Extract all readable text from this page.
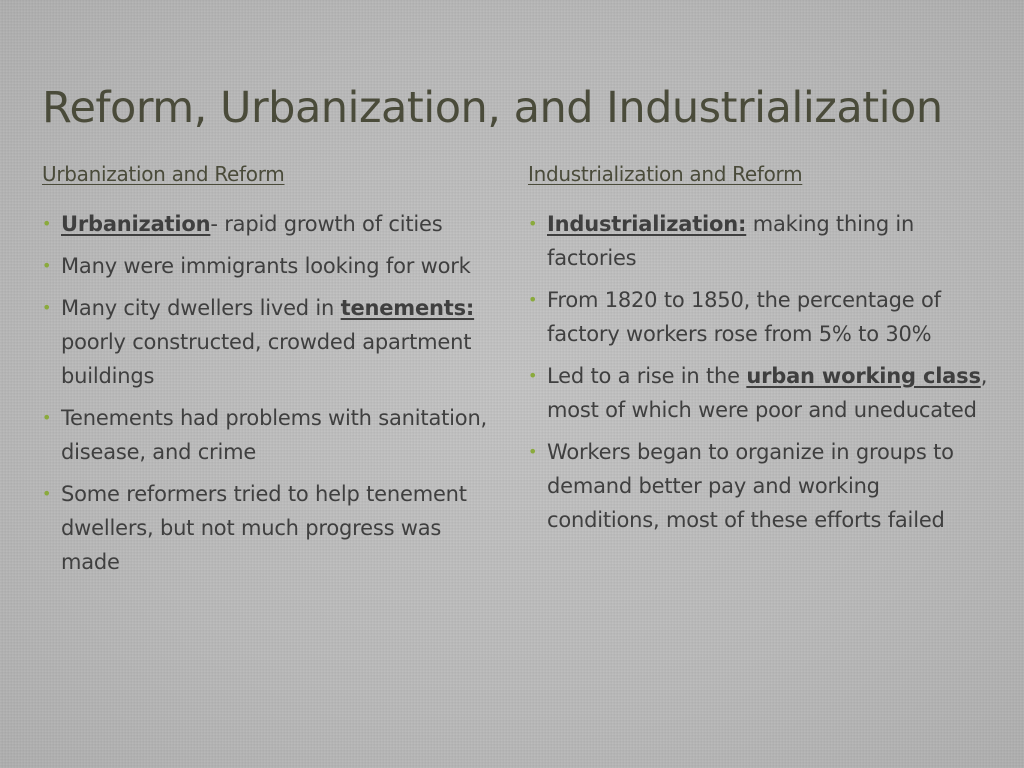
Reform, Urbanization, and Industrialization
Urbanization and Reform
• Urbanization- rapid growth of cities
• Many were immigrants looking for work
• Many city dwellers lived in tenements: poorly constructed, crowded apartment buildings
• Tenements had problems with sanitation, disease, and crime
• Some reformers tried to help tenement dwellers, but not much progress was made
Industrialization and Reform
• Industrialization: making thing in factories
• From 1820 to 1850, the percentage of factory workers rose from 5% to 30%
• Led to a rise in the urban working class, most of which were poor and uneducated
• Workers began to organize in groups to demand better pay and working conditions, most of these efforts failed
